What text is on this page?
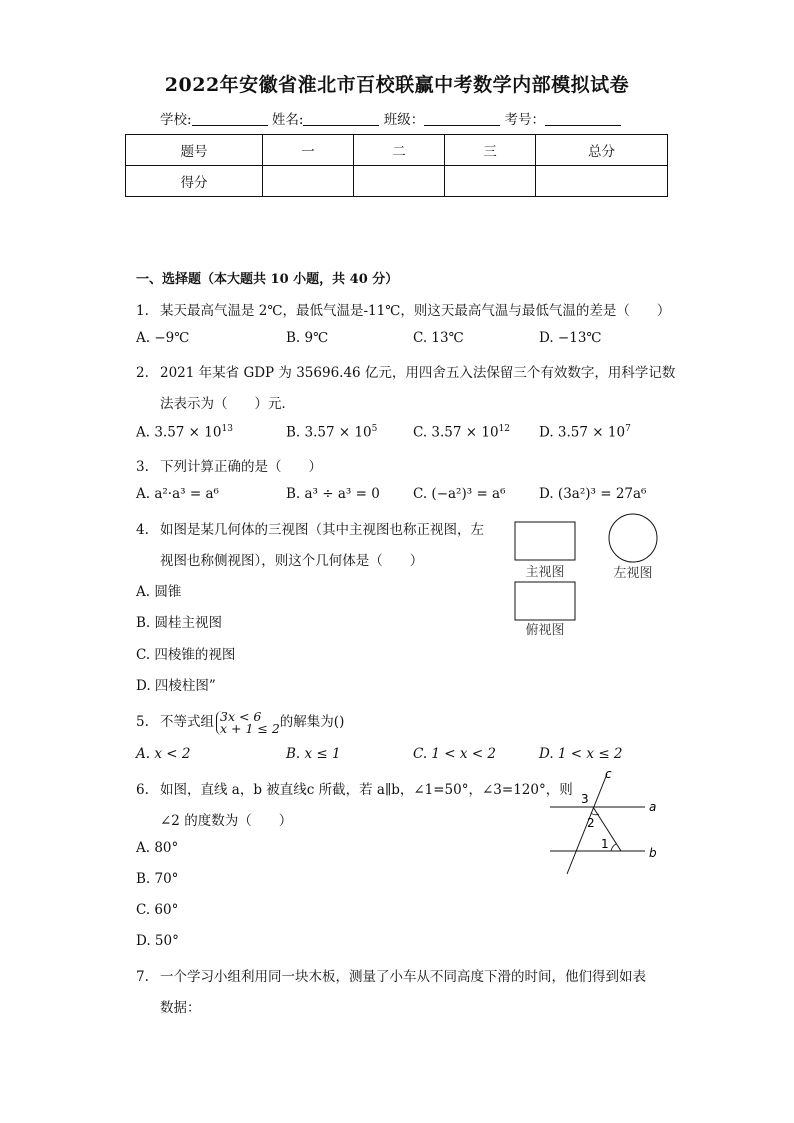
2022年安徽省淮北市百校联赢中考数学内部模拟试卷
学校:	姓名:	班级：	考号：
题号	一	二	三	总分
得分				
一、选择题（本大题共 10 小题，共 40 分）
1. 某天最高气温是 2℃，最低气温是-11℃，则这天最高气温与最低气温的差是（　　）
A. −9℃	B. 9℃	C. 13℃	D. −13℃
2. 2021 年某省 GDP 为 35696.46 亿元，用四舍五入法保留三个有效数字，用科学记数
法表示为（　　）元．
A. $3.57 \times 10^{13}$	B. $3.57 \times 10^5$	C. $3.57 \times 10^{12}$ D. $3.57 \times 10^7$
3. 下列计算正确的是（　　）
A. a²·a³ = a⁶	B. a³ ÷ a³ = 0 C. (−a²)³ = a⁶ D. (3a²)³ = 27a⁶
4. 如图是某几何体的三视图（其中主视图也称正视图，左
视图也称侧视图），则这个几何体是（　　）
A. 圆锥
B. 圆桂主视图
C. 四棱锥的视图
D. 四棱柱图”
主视图	左视图
俯视图
5. 不等式组 3x < 6
x + 1 ≤ 2的解集为()
A. x < 2	B. x ≤ 1	C. 1 < x < 2	D. 1 < x ≤ 2
6. 如图，直线 a，b 被直线c 所截，若 a∥b，∠1=50°，∠3=120°，则
∠2 的度数为（　　）
A. 80°
B. 70°
C. 60°
D. 50°
c
a
b
1
2
3
7. 一个学习小组利用同一块木板，测量了小车从不同高度下滑的时间，他们得到如表
数据：
